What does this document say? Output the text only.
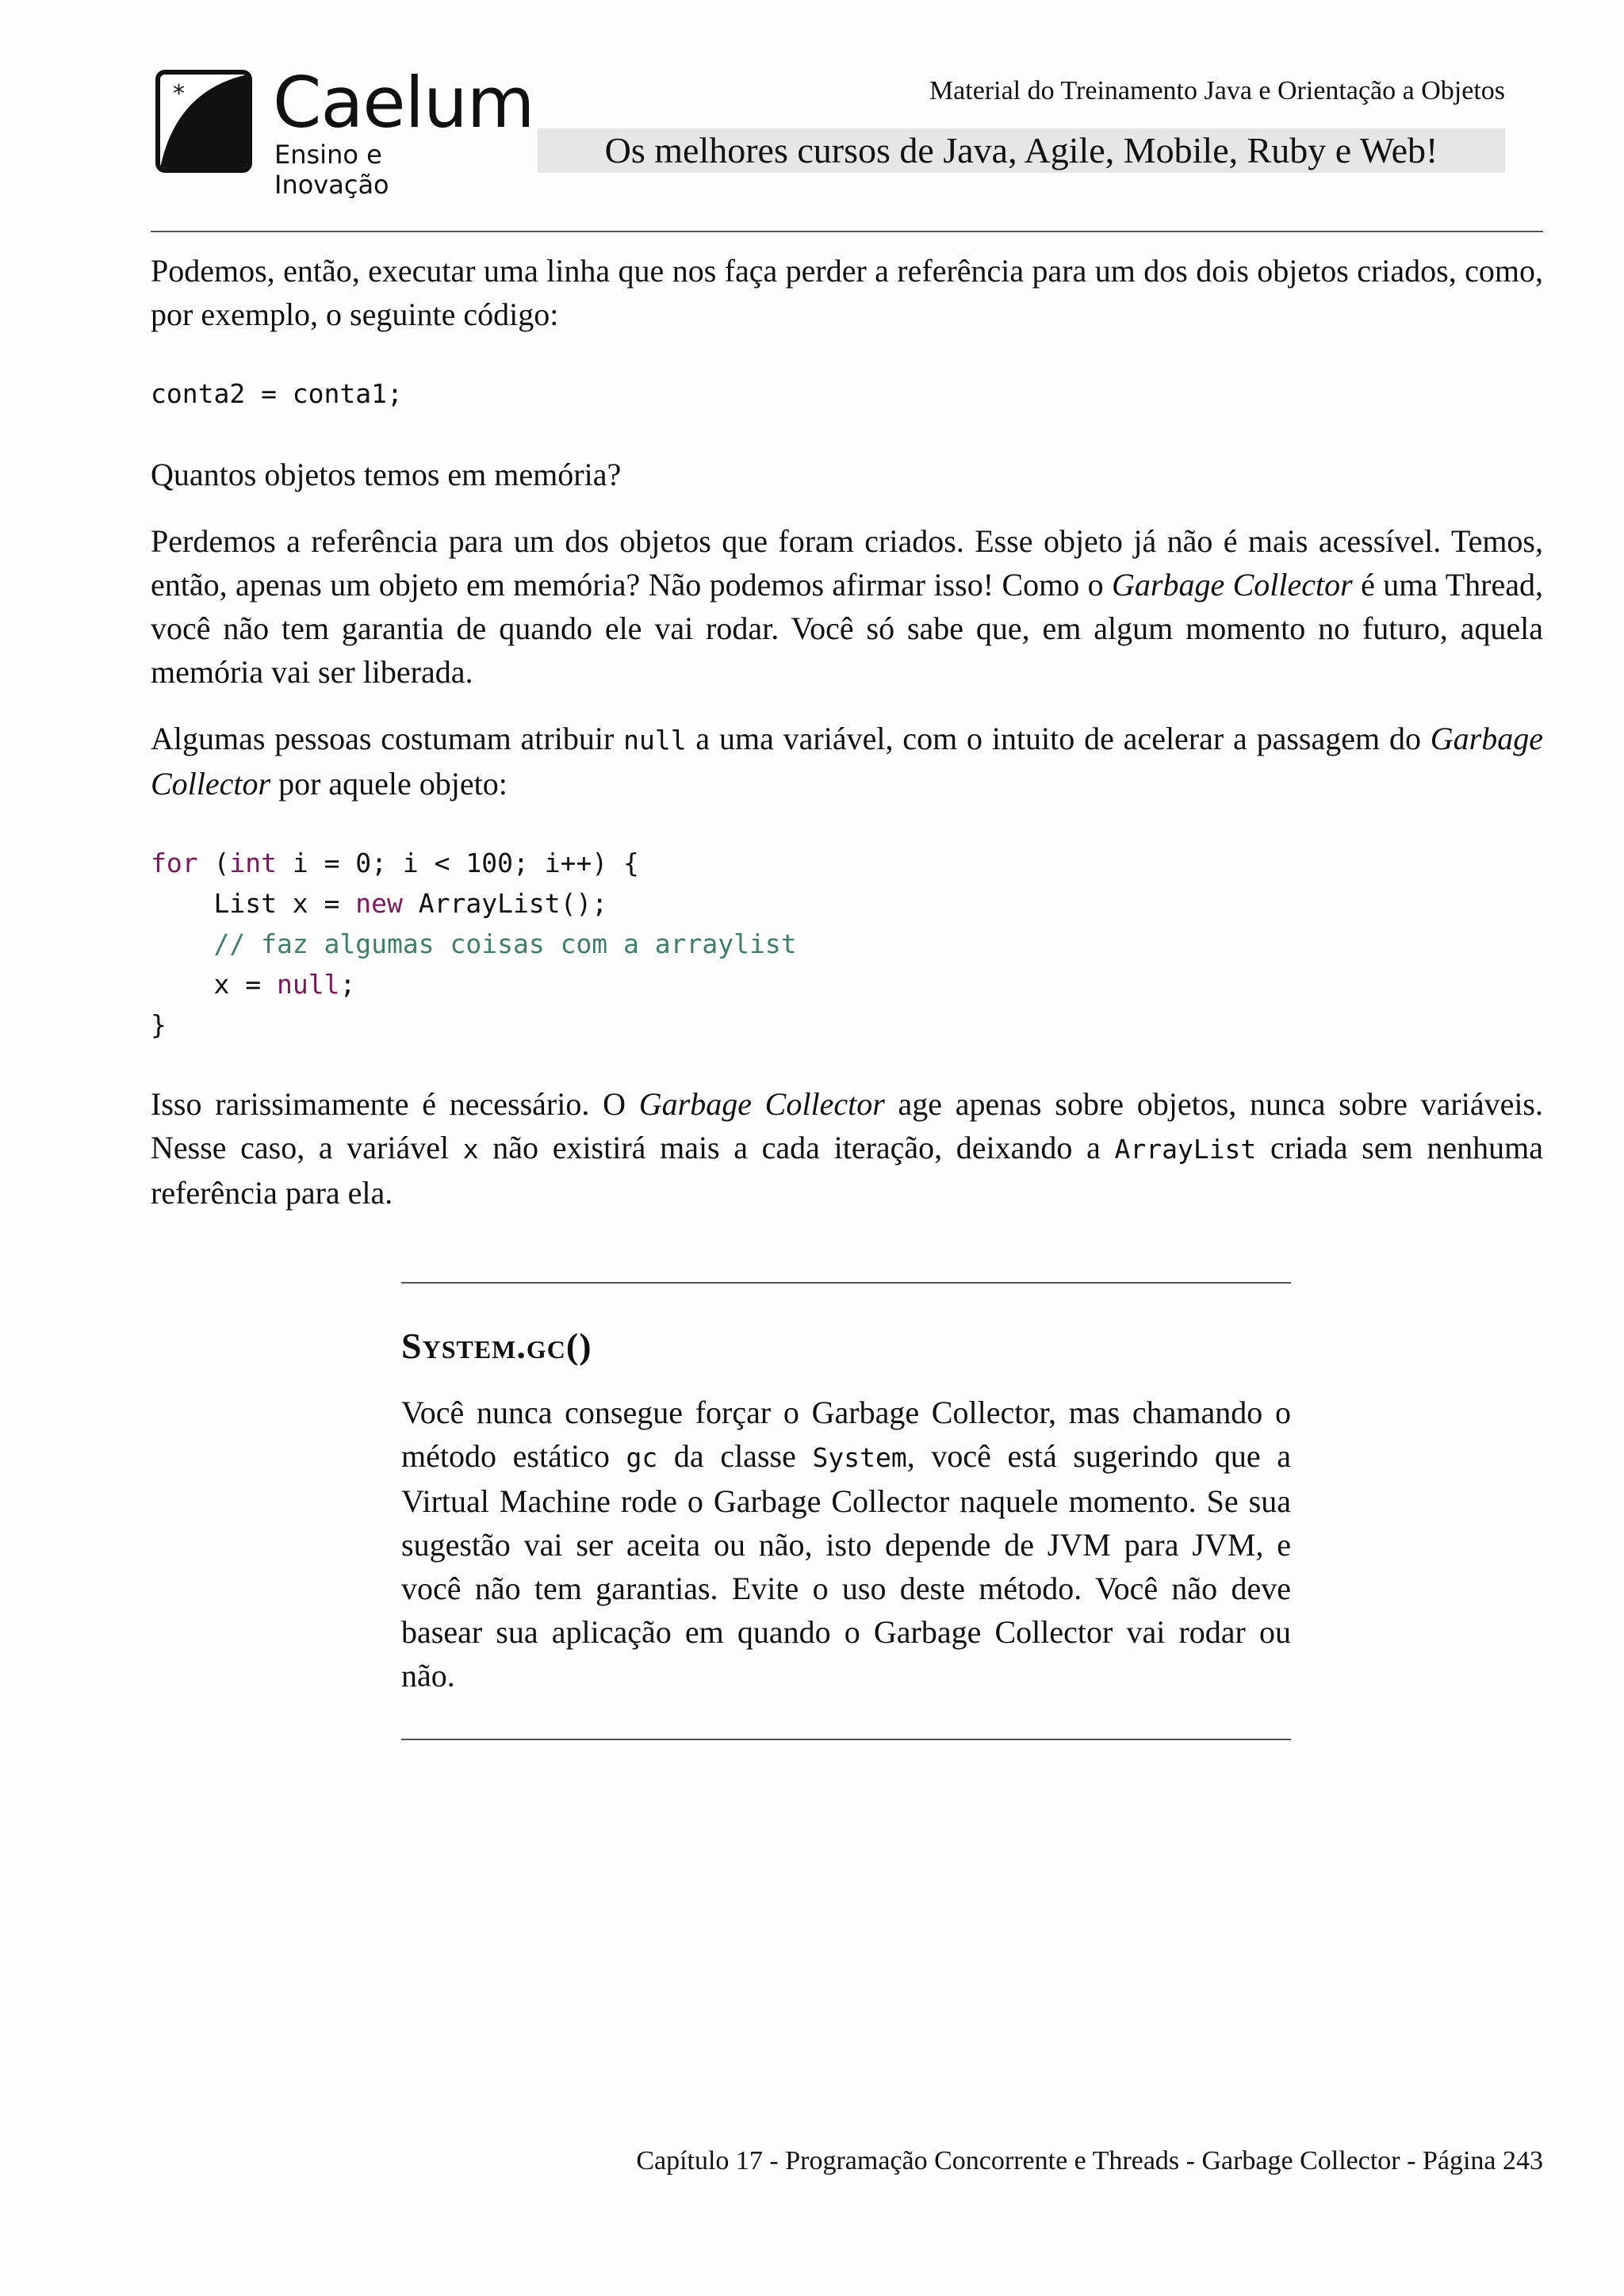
* Caelum
Ensino e Inovação
Material do Treinamento Java e Orientação a Objetos
Os melhores cursos de Java, Agile, Mobile, Ruby e Web!

Podemos, então, executar uma linha que nos faça perder a referência para um dos dois objetos criados, como, por exemplo, o seguinte código:

conta2 = conta1;

Quantos objetos temos em memória?

Perdemos a referência para um dos objetos que foram criados. Esse objeto já não é mais acessível. Temos, então, apenas um objeto em memória? Não podemos afirmar isso! Como o Garbage Collector é uma Thread, você não tem garantia de quando ele vai rodar. Você só sabe que, em algum momento no futuro, aquela memória vai ser liberada.

Algumas pessoas costumam atribuir null a uma variável, com o intuito de acelerar a passagem do Garbage Collector por aquele objeto:

for (int i = 0; i < 100; i++) {
List x = new ArrayList();
// faz algumas coisas com a arraylist
x = null;
}

Isso rarissimamente é necessário. O Garbage Collector age apenas sobre objetos, nunca sobre variáveis. Nesse caso, a variável x não existirá mais a cada iteração, deixando a ArrayList criada sem nenhuma referência para ela.

System.gc()

Você nunca consegue forçar o Garbage Collector, mas chamando o método estático gc da classe System, você está sugerindo que a Virtual Machine rode o Garbage Collector naquele momento. Se sua sugestão vai ser aceita ou não, isto depende de JVM para JVM, e você não tem garantias. Evite o uso deste método. Você não deve basear sua aplicação em quando o Garbage Collector vai rodar ou não.

Capítulo 17 - Programação Concorrente e Threads - Garbage Collector - Página 243
